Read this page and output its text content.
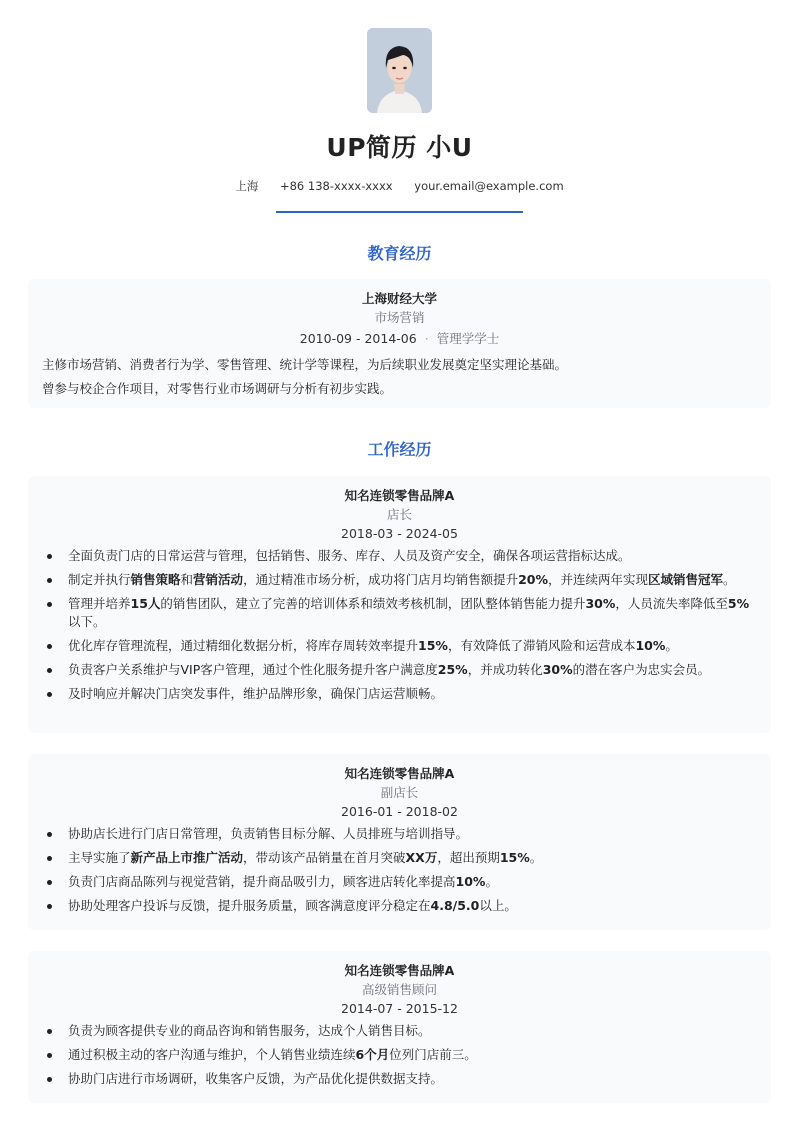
UP简历 小U
上海 +86 138-xxxx-xxxx your.email@example.com
教育经历
上海财经大学
市场营销
2010-09 - 2014-06 · 管理学学士
主修市场营销、消费者行为学、零售管理、统计学等课程，为后续职业发展奠定坚实理论基础。
曾参与校企合作项目，对零售行业市场调研与分析有初步实践。
工作经历
知名连锁零售品牌A
店长
2018-03 - 2024-05
全面负责门店的日常运营与管理，包括销售、服务、库存、人员及资产安全，确保各项运营指标达成。
制定并执行销售策略和营销活动，通过精准市场分析，成功将门店月均销售额提升20%，并连续两年实现区域销售冠军。
管理并培养15人的销售团队，建立了完善的培训体系和绩效考核机制，团队整体销售能力提升30%，人员流失率降低至5%以下。
优化库存管理流程，通过精细化数据分析，将库存周转效率提升15%，有效降低了滞销风险和运营成本10%。
负责客户关系维护与VIP客户管理，通过个性化服务提升客户满意度25%，并成功转化30%的潜在客户为忠实会员。
及时响应并解决门店突发事件，维护品牌形象，确保门店运营顺畅。
知名连锁零售品牌A
副店长
2016-01 - 2018-02
协助店长进行门店日常管理，负责销售目标分解、人员排班与培训指导。
主导实施了新产品上市推广活动，带动该产品销量在首月突破XX万，超出预期15%。
负责门店商品陈列与视觉营销，提升商品吸引力，顾客进店转化率提高10%。
协助处理客户投诉与反馈，提升服务质量，顾客满意度评分稳定在4.8/5.0以上。
知名连锁零售品牌A
高级销售顾问
2014-07 - 2015-12
负责为顾客提供专业的商品咨询和销售服务，达成个人销售目标。
通过积极主动的客户沟通与维护，个人销售业绩连续6个月位列门店前三。
协助门店进行市场调研，收集客户反馈，为产品优化提供数据支持。
